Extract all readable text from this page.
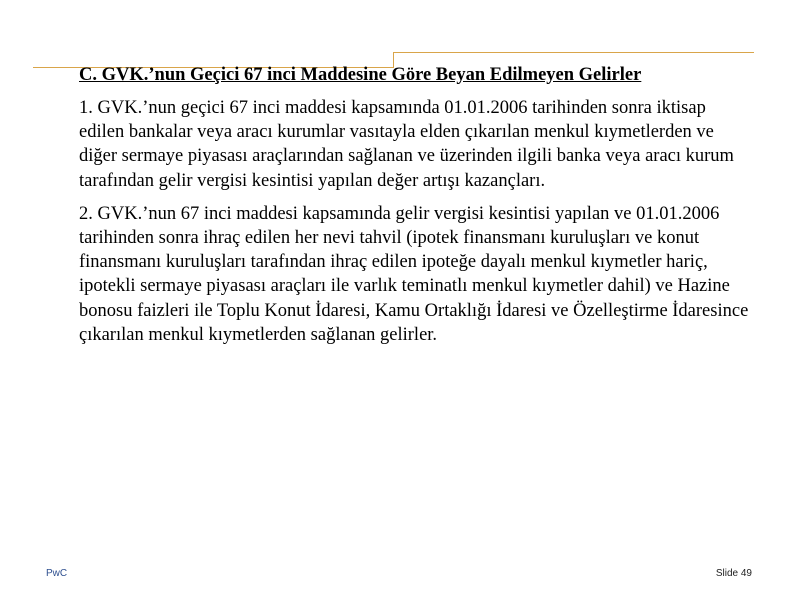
C. GVK.’nun Geçici 67 inci Maddesine Göre Beyan Edilmeyen Gelirler

1. GVK.’nun geçici 67 inci maddesi kapsamında 01.01.2006 tarihinden sonra iktisap edilen bankalar veya aracı kurumlar vasıtayla elden çıkarılan menkul kıymetlerden ve diğer sermaye piyasası araçlarından sağlanan ve üzerinden ilgili banka veya aracı kurum tarafından gelir vergisi kesintisi yapılan değer artışı kazançları.

2. GVK.’nun 67 inci maddesi kapsamında gelir vergisi kesintisi yapılan ve 01.01.2006 tarihinden sonra ihraç edilen her nevi tahvil (ipotek finansmanı kuruluşları ve konut finansmanı kuruluşları tarafından ihraç edilen ipoteğe dayalı menkul kıymetler hariç, ipotekli sermaye piyasası araçları ile varlık teminatlı menkul kıymetler dahil) ve Hazine bonosu faizleri ile Toplu Konut İdaresi, Kamu Ortaklığı İdaresi ve Özelleştirme İdaresince çıkarılan menkul kıymetlerden sağlanan gelirler.

PwC	Slide 49
